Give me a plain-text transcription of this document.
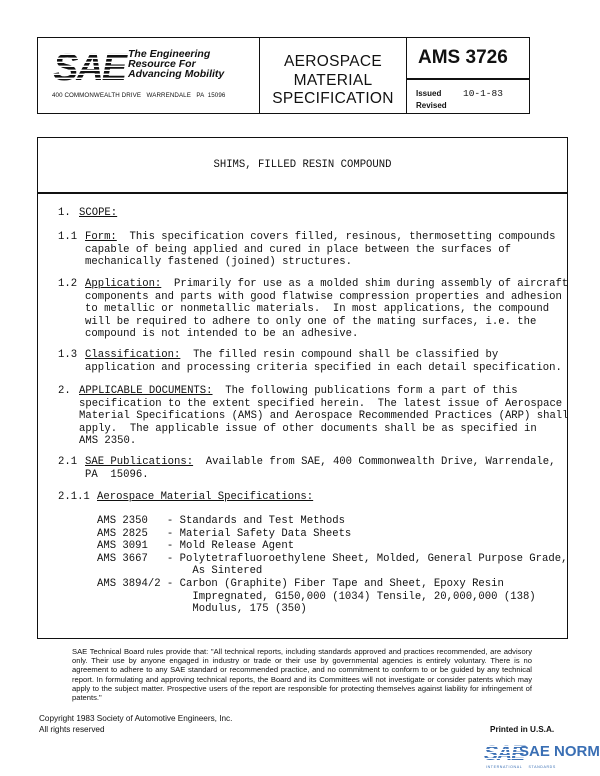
SAE The Engineering
Resource For
Advancing Mobility
400 COMMONWEALTH DRIVE   WARRENDALE   PA  15096
AEROSPACE
MATERIAL
SPECIFICATION
AMS 3726
Issued 10-1-83
Revised
SHIMS, FILLED RESIN COMPOUND
1. SCOPE:
1.1 Form:  This specification covers filled, resinous, thermosetting compounds
capable of being applied and cured in place between the surfaces of
mechanically fastened (joined) structures.
1.2 Application:  Primarily for use as a molded shim during assembly of aircraft
components and parts with good flatwise compression properties and adhesion
to metallic or nonmetallic materials.  In most applications, the compound
will be required to adhere to only one of the mating surfaces, i.e. the
compound is not intended to be an adhesive.
1.3 Classification:  The filled resin compound shall be classified by
application and processing criteria specified in each detail specification.
2. APPLICABLE DOCUMENTS:  The following publications form a part of this
specification to the extent specified herein.  The latest issue of Aerospace
Material Specifications (AMS) and Aerospace Recommended Practices (ARP) shall
apply.  The applicable issue of other documents shall be as specified in
AMS 2350.
2.1 SAE Publications:  Available from SAE, 400 Commonwealth Drive, Warrendale,
PA  15096.
2.1.1 Aerospace Material Specifications:
AMS 2350   - Standards and Test Methods
AMS 2825   - Material Safety Data Sheets
AMS 3091   - Mold Release Agent
AMS 3667   - Polytetrafluoroethylene Sheet, Molded, General Purpose Grade,
As Sintered
AMS 3894/2 - Carbon (Graphite) Fiber Tape and Sheet, Epoxy Resin
Impregnated, G150,000 (1034) Tensile, 20,000,000 (138)
Modulus, 175 (350)
SAE Technical Board rules provide that: "All technical reports, including standards approved and practices recommended, are advisory only. Their use by anyone engaged in industry or trade or their use by governmental agencies is entirely voluntary. There is no agreement to adhere to any SAE standard or recommended practice, and no commitment to conform to or be guided by any technical report. In formulating and approving technical reports, the Board and its Committees will not investigate or consider patents which may apply to the subject matter. Prospective users of the report are responsible for protecting themselves against liability for infringement of patents."
Copyright 1983 Society of Automotive Engineers, Inc.
All rights reserved	Printed in U.S.A.
SAE
SAE NORM
INTERNATIONAL    STANDARDS
